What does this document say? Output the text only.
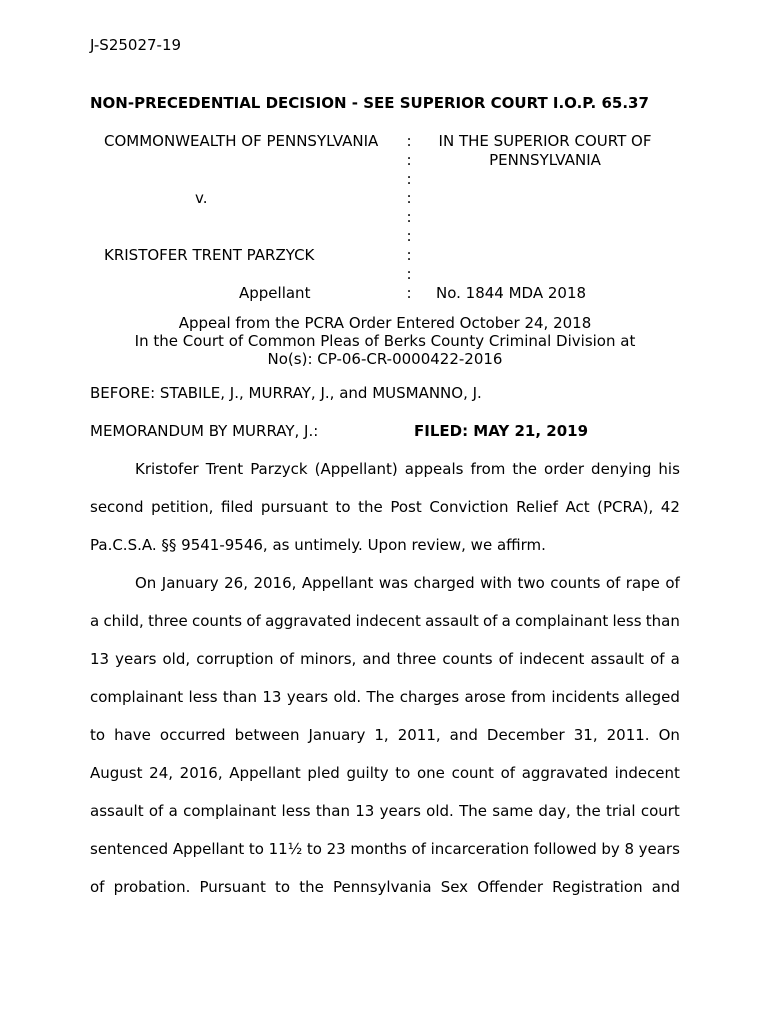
J-S25027-19
NON-PRECEDENTIAL DECISION - SEE SUPERIOR COURT I.O.P. 65.37
COMMONWEALTH OF PENNSYLVANIA
v.
KRISTOFER TRENT PARZYCK
Appellant
:
:
:
:
:
:
:
:
:
IN THE SUPERIOR COURT OF
PENNSYLVANIA
No. 1844 MDA 2018
Appeal from the PCRA Order Entered October 24, 2018
In the Court of Common Pleas of Berks County Criminal Division at
No(s): CP-06-CR-0000422-2016
BEFORE: STABILE, J., MURRAY, J., and MUSMANNO, J.
MEMORANDUM BY MURRAY, J.:	FILED: MAY 21, 2019
Kristofer Trent Parzyck (Appellant) appeals from the order denying his
second petition, filed pursuant to the Post Conviction Relief Act (PCRA), 42
Pa.C.S.A. §§ 9541-9546, as untimely. Upon review, we affirm.
On January 26, 2016, Appellant was charged with two counts of rape of
a child, three counts of aggravated indecent assault of a complainant less than
13 years old, corruption of minors, and three counts of indecent assault of a
complainant less than 13 years old. The charges arose from incidents alleged
to have occurred between January 1, 2011, and December 31, 2011. On
August 24, 2016, Appellant pled guilty to one count of aggravated indecent
assault of a complainant less than 13 years old. The same day, the trial court
sentenced Appellant to 11½ to 23 months of incarceration followed by 8 years
of probation. Pursuant to the Pennsylvania Sex Offender Registration and
